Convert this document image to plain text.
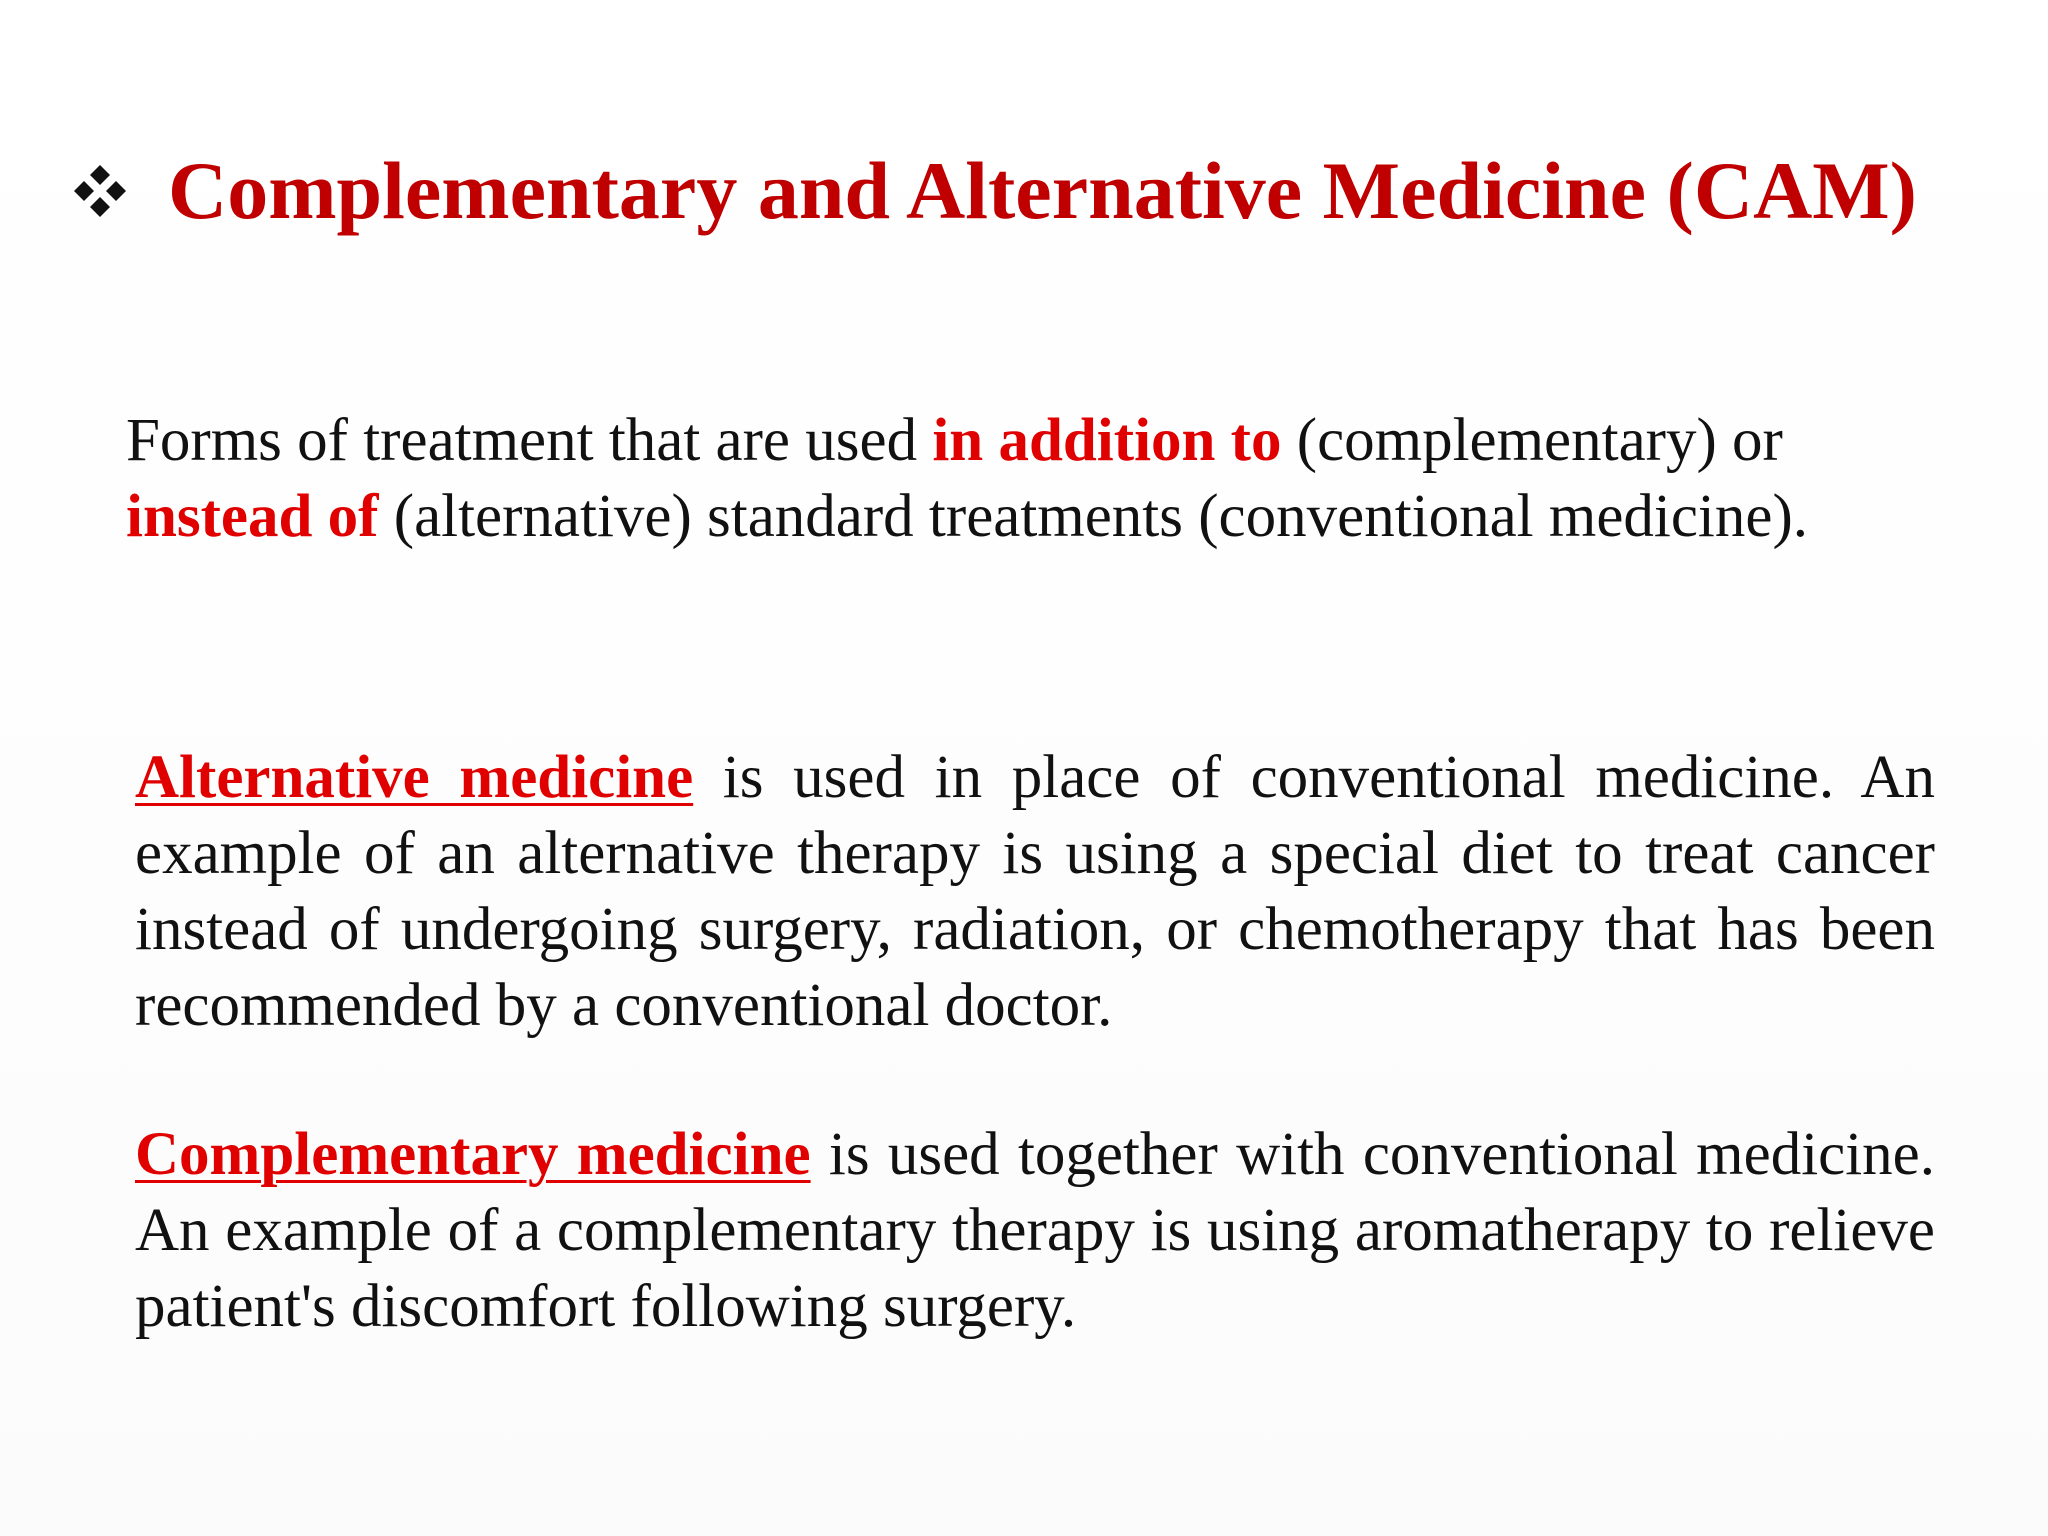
Complementary and Alternative Medicine (CAM)
Forms of treatment that are used in addition to (complementary) or
instead of (alternative) standard treatments (conventional medicine).
Alternative medicine is used in place of conventional medicine. An example of an alternative therapy is using a special diet to treat cancer instead of undergoing surgery, radiation, or chemotherapy that has been recommended by a conventional doctor.
Complementary medicine is used together with conventional medicine. An example of a complementary therapy is using aromatherapy to relieve patient's discomfort following surgery.
